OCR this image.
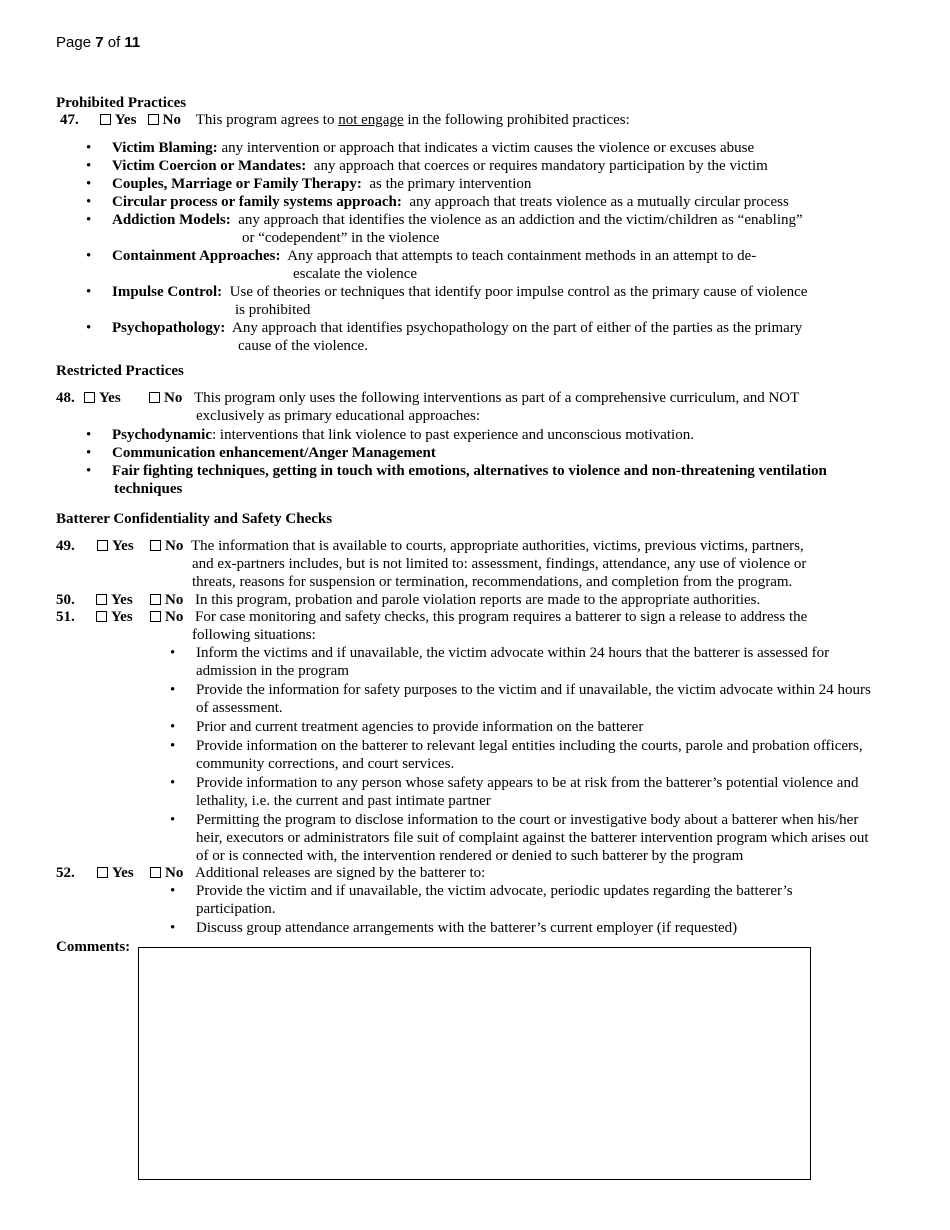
Page 7 of 11
Prohibited Practices
47. Yes No This program agrees to not engage in the following prohibited practices:
• Victim Blaming: any intervention or approach that indicates a victim causes the violence or excuses abuse
• Victim Coercion or Mandates: any approach that coerces or requires mandatory participation by the victim
• Couples, Marriage or Family Therapy: as the primary intervention
• Circular process or family systems approach: any approach that treats violence as a mutually circular process
• Addiction Models: any approach that identifies the violence as an addiction and the victim/children as “enabling”
or “codependent” in the violence
• Containment Approaches: Any approach that attempts to teach containment methods in an attempt to de-
escalate the violence
• Impulse Control: Use of theories or techniques that identify poor impulse control as the primary cause of violence
is prohibited
• Psychopathology: Any approach that identifies psychopathology on the part of either of the parties as the primary
cause of the violence.
Restricted Practices
48.	Yes	No This program only uses the following interventions as part of a comprehensive curriculum, and NOT
exclusively as primary educational approaches:
• Psychodynamic: interventions that link violence to past experience and unconscious motivation.
• Communication enhancement/Anger Management
• Fair fighting techniques, getting in touch with emotions, alternatives to violence and non-threatening ventilation
techniques
Batterer Confidentiality and Safety Checks
49.	Yes	No The information that is available to courts, appropriate authorities, victims, previous victims, partners,
and ex-partners includes, but is not limited to: assessment, findings, attendance, any use of violence or
threats, reasons for suspension or termination, recommendations, and completion from the program.
50.	Yes	No In this program, probation and parole violation reports are made to the appropriate authorities.
51.	Yes	No For case monitoring and safety checks, this program requires a batterer to sign a release to address the
following situations:
• Inform the victims and if unavailable, the victim advocate within 24 hours that the batterer is assessed for
admission in the program
• Provide the information for safety purposes to the victim and if unavailable, the victim advocate within 24 hours
of assessment.
• Prior and current treatment agencies to provide information on the batterer
• Provide information on the batterer to relevant legal entities including the courts, parole and probation officers,
community corrections, and court services.
• Provide information to any person whose safety appears to be at risk from the batterer’s potential violence and
lethality, i.e. the current and past intimate partner
• Permitting the program to disclose information to the court or investigative body about a batterer when his/her
heir, executors or administrators file suit of complaint against the batterer intervention program which arises out
of or is connected with, the intervention rendered or denied to such batterer by the program
52.	Yes	No Additional releases are signed by the batterer to:
• Provide the victim and if unavailable, the victim advocate, periodic updates regarding the batterer’s
participation.
• Discuss group attendance arrangements with the batterer’s current employer (if requested)
Comments:
